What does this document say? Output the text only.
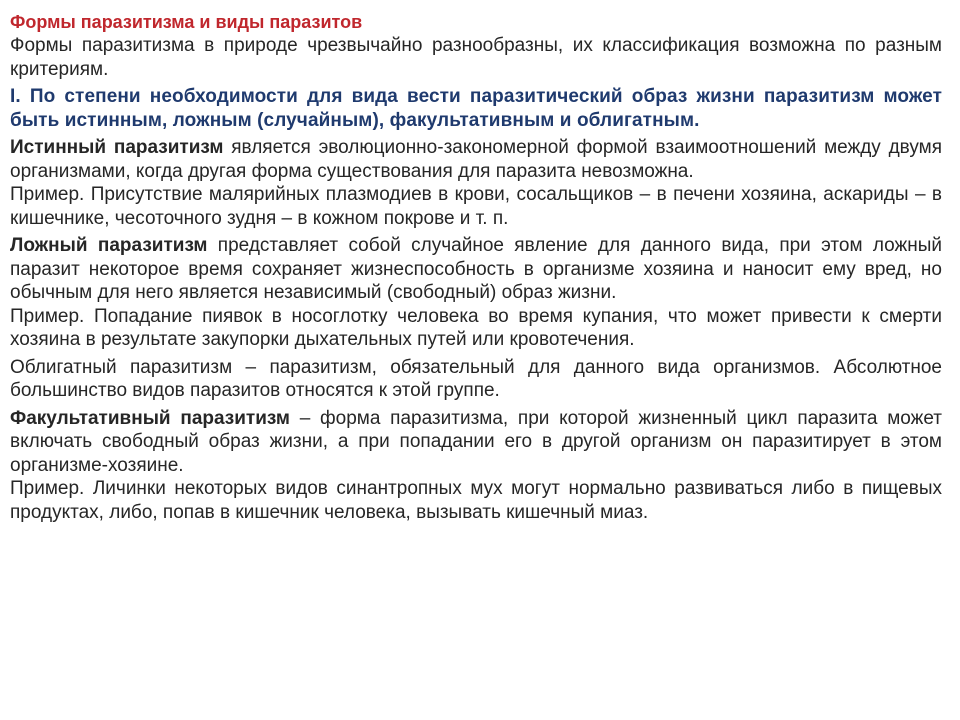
Формы паразитизма и виды паразитов

Формы паразитизма в природе чрезвычайно разнообразны, их классификация возможна по разным критериям.

I. По степени необходимости для вида вести паразитический образ жизни паразитизм может быть истинным, ложным (случайным), факультативным и облигатным.

Истинный паразитизм является эволюционно-закономерной формой взаимоотношений между двумя организмами, когда другая форма существования для паразита невозможна.

Пример. Присутствие малярийных плазмодиев в крови, сосальщиков – в печени хозяина, аскариды – в кишечнике, чесоточного зудня – в кожном покрове и т. п.

Ложный паразитизм представляет собой случайное явление для данного вида, при этом ложный паразит некоторое время сохраняет жизнеспособность в организме хозяина и наносит ему вред, но обычным для него является независимый (свободный) образ жизни.

Пример. Попадание пиявок в носоглотку человека во время купания, что может привести к смерти хозяина в результате закупорки дыхательных путей или кровотечения.

Облигатный паразитизм – паразитизм, обязательный для данного вида организмов. Абсолютное большинство видов паразитов относятся к этой группе.

Факультативный паразитизм – форма паразитизма, при которой жизненный цикл паразита может включать свободный образ жизни, а при попадании его в другой организм он паразитирует в этом организме-хозяине.

Пример. Личинки некоторых видов синантропных мух могут нормально развиваться либо в пищевых продуктах, либо, попав в кишечник человека, вызывать кишечный миаз.
